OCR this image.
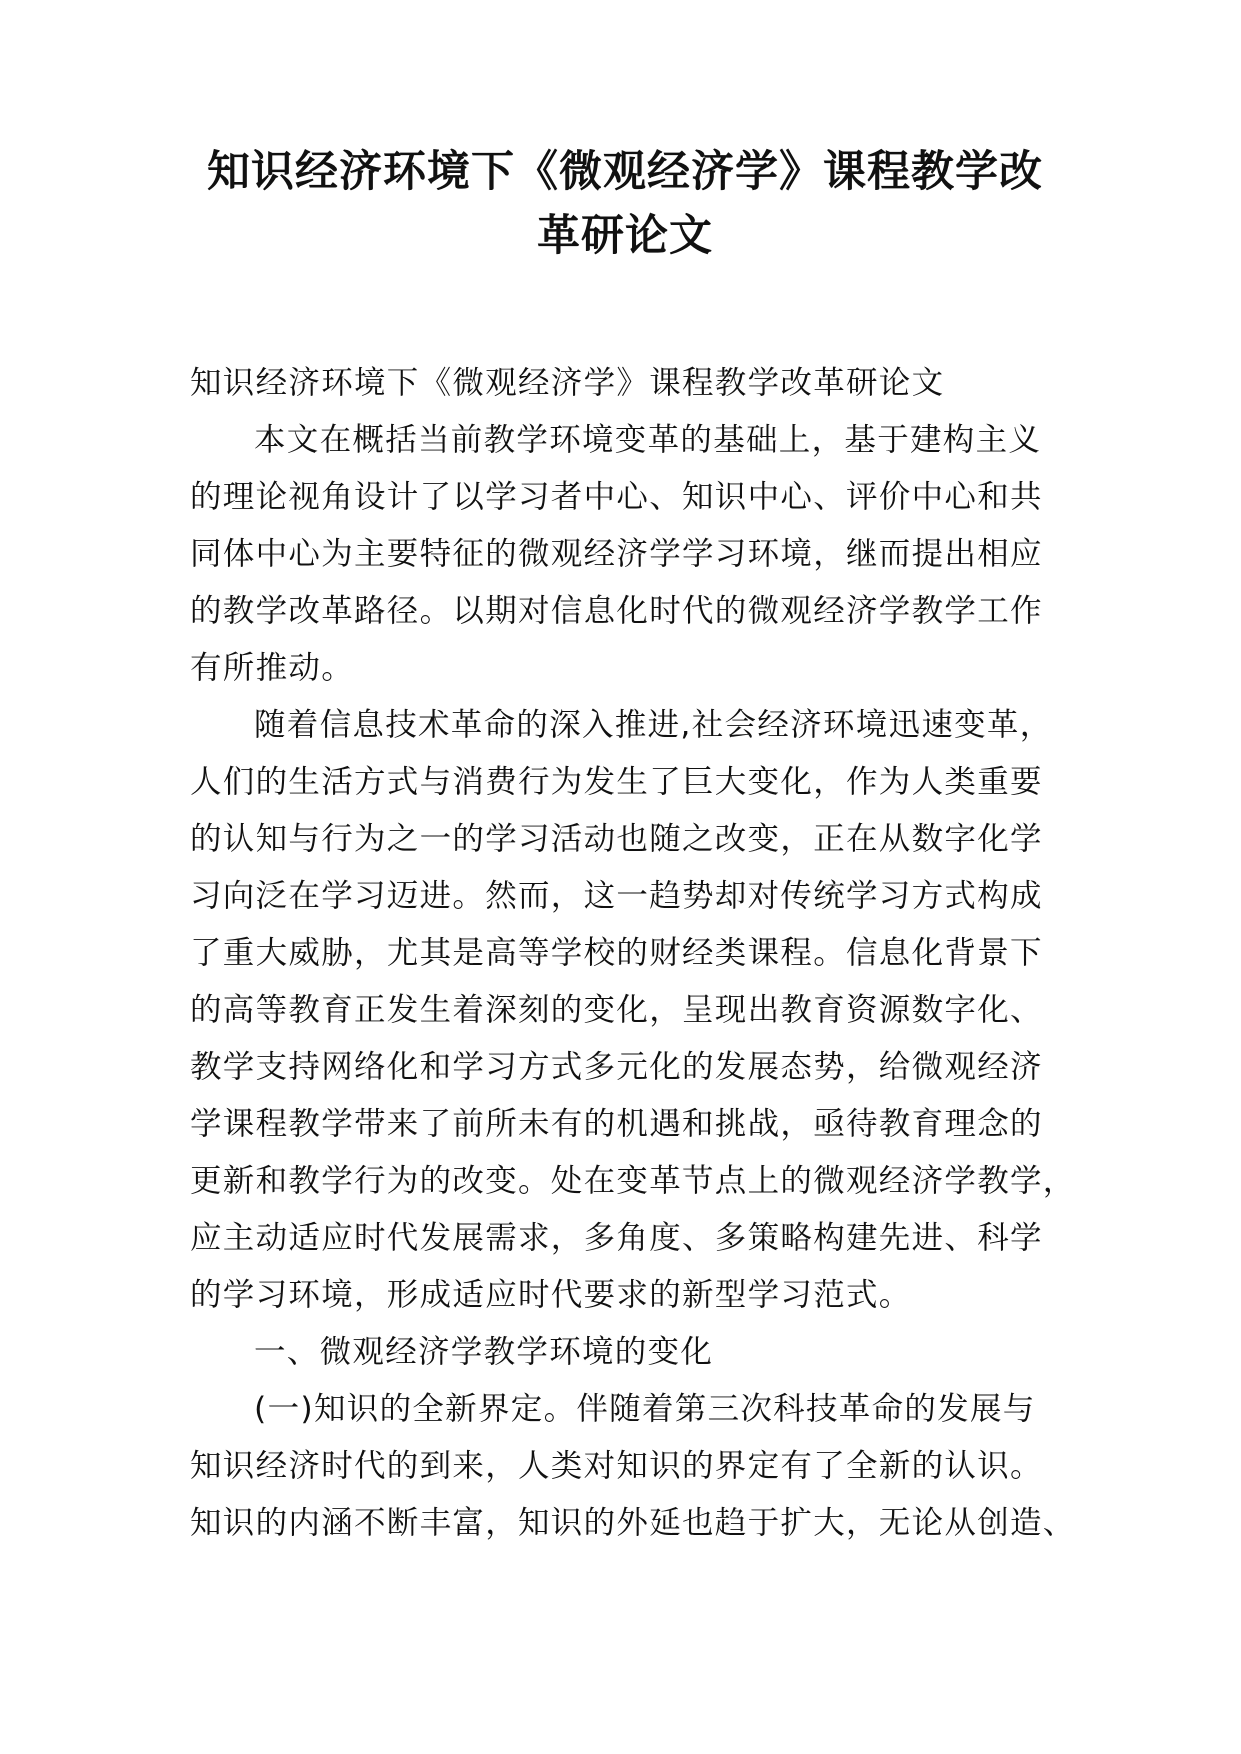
知识经济环境下《微观经济学》课程教学改
革研论文
知识经济环境下《微观经济学》课程教学改革研论文
本文在概括当前教学环境变革的基础上，基于建构主义
的理论视角设计了以学习者中心、知识中心、评价中心和共
同体中心为主要特征的微观经济学学习环境，继而提出相应
的教学改革路径。以期对信息化时代的微观经济学教学工作
有所推动。
随着信息技术革命的深入推进,社会经济环境迅速变革，
人们的生活方式与消费行为发生了巨大变化，作为人类重要
的认知与行为之一的学习活动也随之改变，正在从数字化学
习向泛在学习迈进。然而，这一趋势却对传统学习方式构成
了重大威胁，尤其是高等学校的财经类课程。信息化背景下
的高等教育正发生着深刻的变化，呈现出教育资源数字化、
教学支持网络化和学习方式多元化的发展态势，给微观经济
学课程教学带来了前所未有的机遇和挑战，亟待教育理念的
更新和教学行为的改变。处在变革节点上的微观经济学教学，
应主动适应时代发展需求，多角度、多策略构建先进、科学
的学习环境，形成适应时代要求的新型学习范式。
一、微观经济学教学环境的变化
(一)知识的全新界定。伴随着第三次科技革命的发展与
知识经济时代的到来，人类对知识的界定有了全新的认识。
知识的内涵不断丰富，知识的外延也趋于扩大，无论从创造、
